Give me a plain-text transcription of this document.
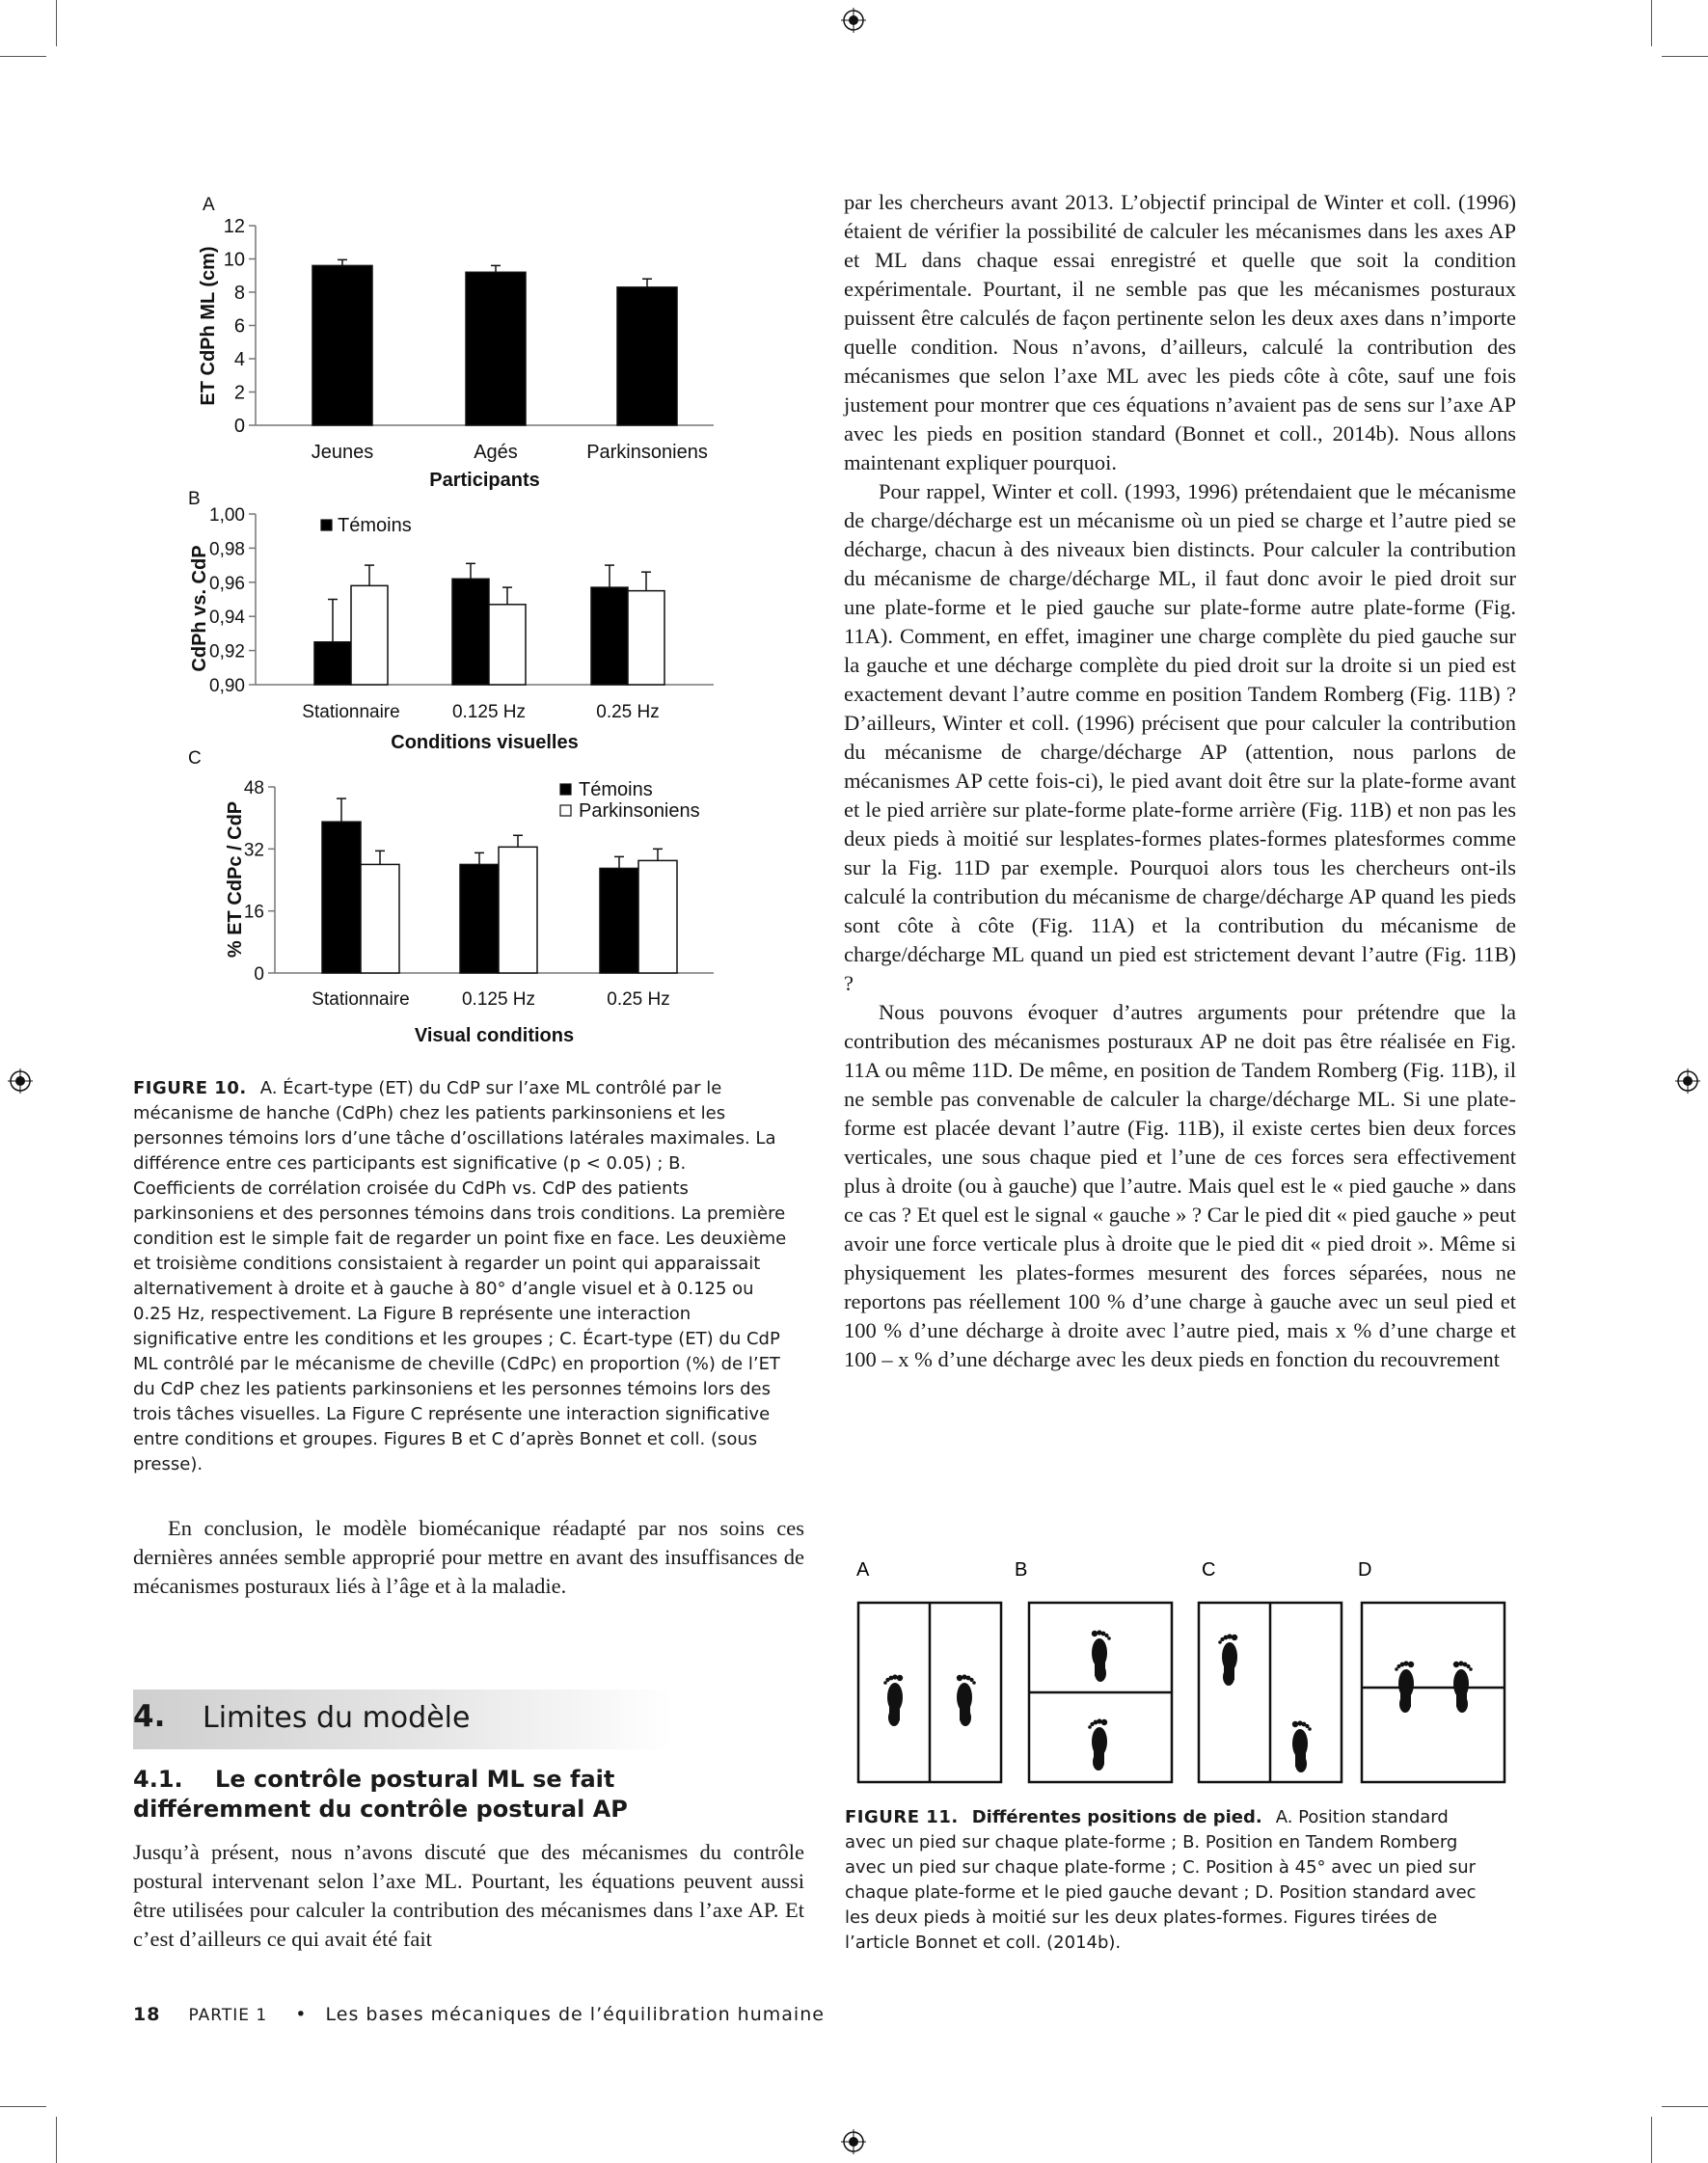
A
0
2
4
6
8
10
12
Jeunes	Agés	Parkinsoniens
Participants
ET CdPh ML (cm)
B
0,90
0,92
0,94
0,96
0,98
1,00
Stationnaire	0.125 Hz	0.25 Hz
Conditions visuelles
CdPh vs. CdP
Témoins
C
0
16
32
48
Stationnaire	0.125 Hz	0.25 Hz
Visual conditions
% ET CdPc / CdP
Témoins
Parkinsoniens
FIGURE 10. A. Écart-type (ET) du CdP sur l’axe ML contrôlé par le mécanisme de hanche (CdPh) chez les patients parkinsoniens et les personnes témoins lors d’une tâche d’oscillations latérales maximales. La différence entre ces participants est significative (p < 0.05) ; B. Coefficients de corrélation croisée du CdPh vs. CdP des patients parkinsoniens et des personnes témoins dans trois conditions. La première condition est le simple fait de regarder un point fixe en face. Les deuxième et troisième conditions consistaient à regarder un point qui apparaissait alternativement à droite et à gauche à 80° d’angle visuel et à 0.125 ou 0.25 Hz, respectivement. La Figure B représente une interaction significative entre les conditions et les groupes ; C. Écart-type (ET) du CdP ML contrôlé par le mécanisme de cheville (CdPc) en proportion (%) de l’ET du CdP chez les patients parkinsoniens et les personnes témoins lors des trois tâches visuelles. La Figure C représente une interaction significative entre conditions et groupes. Figures B et C d’après Bonnet et coll. (sous presse).

En conclusion, le modèle biomécanique réadapté par nos soins ces dernières années semble approprié pour mettre en avant des insuffisances de mécanismes posturaux liés à l’âge et à la maladie.

4. Limites du modèle
4.1.    Le contrôle postural ML se fait différemment du contrôle postural AP

Jusqu’à présent, nous n’avons discuté que des mécanismes du contrôle postural intervenant selon l’axe ML. Pourtant, les équations peuvent aussi être utilisées pour calculer la contribution des mécanismes dans l’axe AP. Et c’est d’ailleurs ce qui avait été fait

par les chercheurs avant 2013. L’objectif principal de Winter et coll. (1996) étaient de vérifier la possibilité de calculer les mécanismes dans les axes AP et ML dans chaque essai enregistré et quelle que soit la condition expérimentale. Pourtant, il ne semble pas que les mécanismes posturaux puissent être calculés de façon pertinente selon les deux axes dans n’importe quelle condition. Nous n’avons, d’ailleurs, calculé la contribution des mécanismes que selon l’axe ML avec les pieds côte à côte, sauf une fois justement pour montrer que ces équations n’avaient pas de sens sur l’axe AP avec les pieds en position standard (Bonnet et coll., 2014b). Nous allons maintenant expliquer pourquoi.

Pour rappel, Winter et coll. (1993, 1996) prétendaient que le mécanisme de charge/décharge est un mécanisme où un pied se charge et l’autre pied se décharge, chacun à des niveaux bien distincts. Pour calculer la contribution du mécanisme de charge/décharge ML, il faut donc avoir le pied droit sur une plate-forme et le pied gauche sur plate-forme autre plate-forme (Fig. 11A). Comment, en effet, imaginer une charge complète du pied gauche sur la gauche et une décharge complète du pied droit sur la droite si un pied est exactement devant l’autre comme en position Tandem Romberg (Fig. 11B) ? D’ailleurs, Winter et coll. (1996) précisent que pour calculer la contribution du mécanisme de charge/décharge AP (attention, nous parlons de mécanismes AP cette fois-ci), le pied avant doit être sur la plate-forme avant et le pied arrière sur plate-forme plate-forme arrière (Fig. 11B) et non pas les deux pieds à moitié sur lesplates-formes plates-formes platesformes comme sur la Fig. 11D par exemple. Pourquoi alors tous les chercheurs ont-ils calculé la contribution du mécanisme de charge/décharge AP quand les pieds sont côte à côte (Fig. 11A) et la contribution du mécanisme de charge/décharge ML quand un pied est strictement devant l’autre (Fig. 11B) ?

Nous pouvons évoquer d’autres arguments pour prétendre que la contribution des mécanismes posturaux AP ne doit pas être réalisée en Fig. 11A ou même 11D. De même, en position de Tandem Romberg (Fig. 11B), il ne semble pas convenable de calculer la charge/décharge ML. Si une plate-forme est placée devant l’autre (Fig. 11B), il existe certes bien deux forces verticales, une sous chaque pied et l’une de ces forces sera effectivement plus à droite (ou à gauche) que l’autre. Mais quel est le « pied gauche » dans ce cas ? Et quel est le signal « gauche » ? Car le pied dit « pied gauche » peut avoir une force verticale plus à droite que le pied dit « pied droit ». Même si physiquement les plates-formes mesurent des forces séparées, nous ne reportons pas réellement 100 % d’une charge à gauche avec un seul pied et 100 % d’une décharge à droite avec l’autre pied, mais x % d’une charge et 100 – x % d’une décharge avec les deux pieds en fonction du recouvrement

A	B	C	D
FIGURE 11. Différentes positions de pied. A. Position standard avec un pied sur chaque plate-forme ; B. Position en Tandem Romberg avec un pied sur chaque plate-forme ; C. Position à 45° avec un pied sur chaque plate-forme et le pied gauche devant ; D. Position standard avec les deux pieds à moitié sur les deux plates-formes. Figures tirées de l’article Bonnet et coll. (2014b).
18 PARTIE 1 • Les bases mécaniques de l’équilibration humaine
